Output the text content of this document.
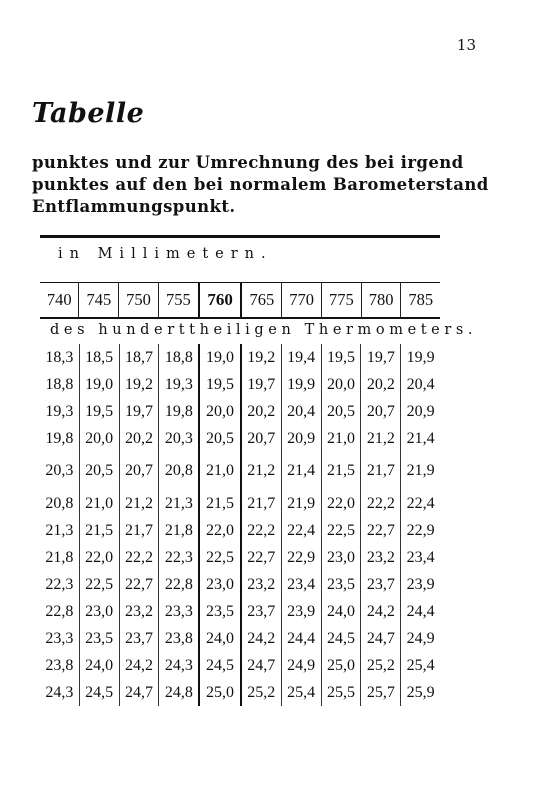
13
Tabelle
punktes und zur Umrechnung des bei irgend
punktes auf den bei normalem Barometerstand
Entflammungspunkt.
in Millimetern.
740	745	750	755	760	765	770	775	780	785
des hunderttheiligen Thermometers.
18,3	18,5	18,7	18,8	19,0	19,2	19,4	19,5	19,7	19,9
18,8	19,0	19,2	19,3	19,5	19,7	19,9	20,0	20,2	20,4
19,3	19,5	19,7	19,8	20,0	20,2	20,4	20,5	20,7	20,9
19,8	20,0	20,2	20,3	20,5	20,7	20,9	21,0	21,2	21,4
20,3	20,5	20,7	20,8	21,0	21,2	21,4	21,5	21,7	21,9
20,8	21,0	21,2	21,3	21,5	21,7	21,9	22,0	22,2	22,4
21,3	21,5	21,7	21,8	22,0	22,2	22,4	22,5	22,7	22,9
21,8	22,0	22,2	22,3	22,5	22,7	22,9	23,0	23,2	23,4
22,3	22,5	22,7	22,8	23,0	23,2	23,4	23,5	23,7	23,9
22,8	23,0	23,2	23,3	23,5	23,7	23,9	24,0	24,2	24,4
23,3	23,5	23,7	23,8	24,0	24,2	24,4	24,5	24,7	24,9
23,8	24,0	24,2	24,3	24,5	24,7	24,9	25,0	25,2	25,4
24,3	24,5	24,7	24,8	25,0	25,2	25,4	25,5	25,7	25,9
